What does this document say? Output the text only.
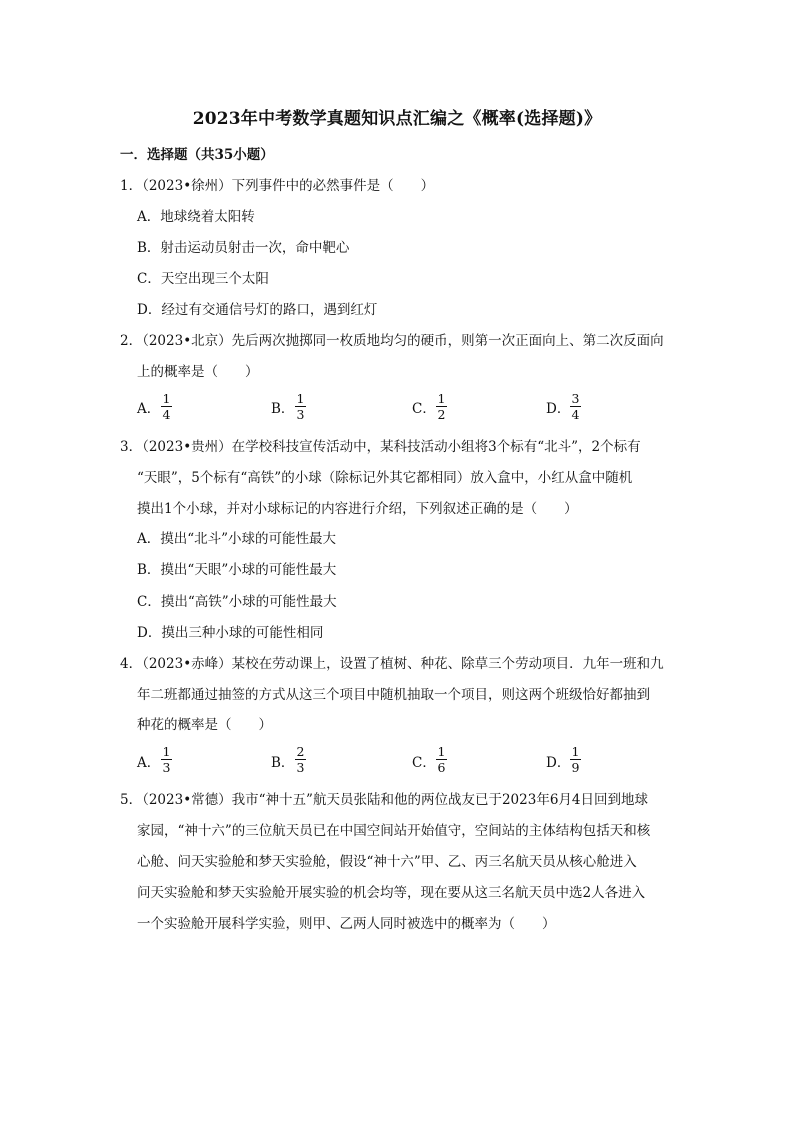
2023年中考数学真题知识点汇编之《概率(选择题)》
一．选择题（共35小题）
1．（2023•徐州）下列事件中的必然事件是（　　）
A．地球绕着太阳转
B．射击运动员射击一次，命中靶心
C．天空出现三个太阳
D．经过有交通信号灯的路口，遇到红灯
2．（2023•北京）先后两次抛掷同一枚质地均匀的硬币，则第一次正面向上、第二次反面向
上的概率是（　　）
A．
1
4	B．
1
3	C．
1
2	D．
3
4
3．（2023•贵州）在学校科技宣传活动中，某科技活动小组将3个标有“北斗”，2个标有
“天眼”，5个标有“高铁”的小球（除标记外其它都相同）放入盒中，小红从盒中随机
摸出1个小球，并对小球标记的内容进行介绍，下列叙述正确的是（　　）
A．摸出“北斗”小球的可能性最大
B．摸出“天眼”小球的可能性最大
C．摸出“高铁”小球的可能性最大
D．摸出三种小球的可能性相同
4．（2023•赤峰）某校在劳动课上，设置了植树、种花、除草三个劳动项目．九年一班和九
年二班都通过抽签的方式从这三个项目中随机抽取一个项目，则这两个班级恰好都抽到
种花的概率是（　　）
A．
1
3	B．
2
3	C．
1
6	D．
1
9
5．（2023•常德）我市“神十五”航天员张陆和他的两位战友已于2023年6月4日回到地球
家园，“神十六”的三位航天员已在中国空间站开始值守，空间站的主体结构包括天和核
心舱、问天实验舱和梦天实验舱，假设“神十六”甲、乙、丙三名航天员从核心舱进入
问天实验舱和梦天实验舱开展实验的机会均等，现在要从这三名航天员中选2人各进入
一个实验舱开展科学实验，则甲、乙两人同时被选中的概率为（　　）
